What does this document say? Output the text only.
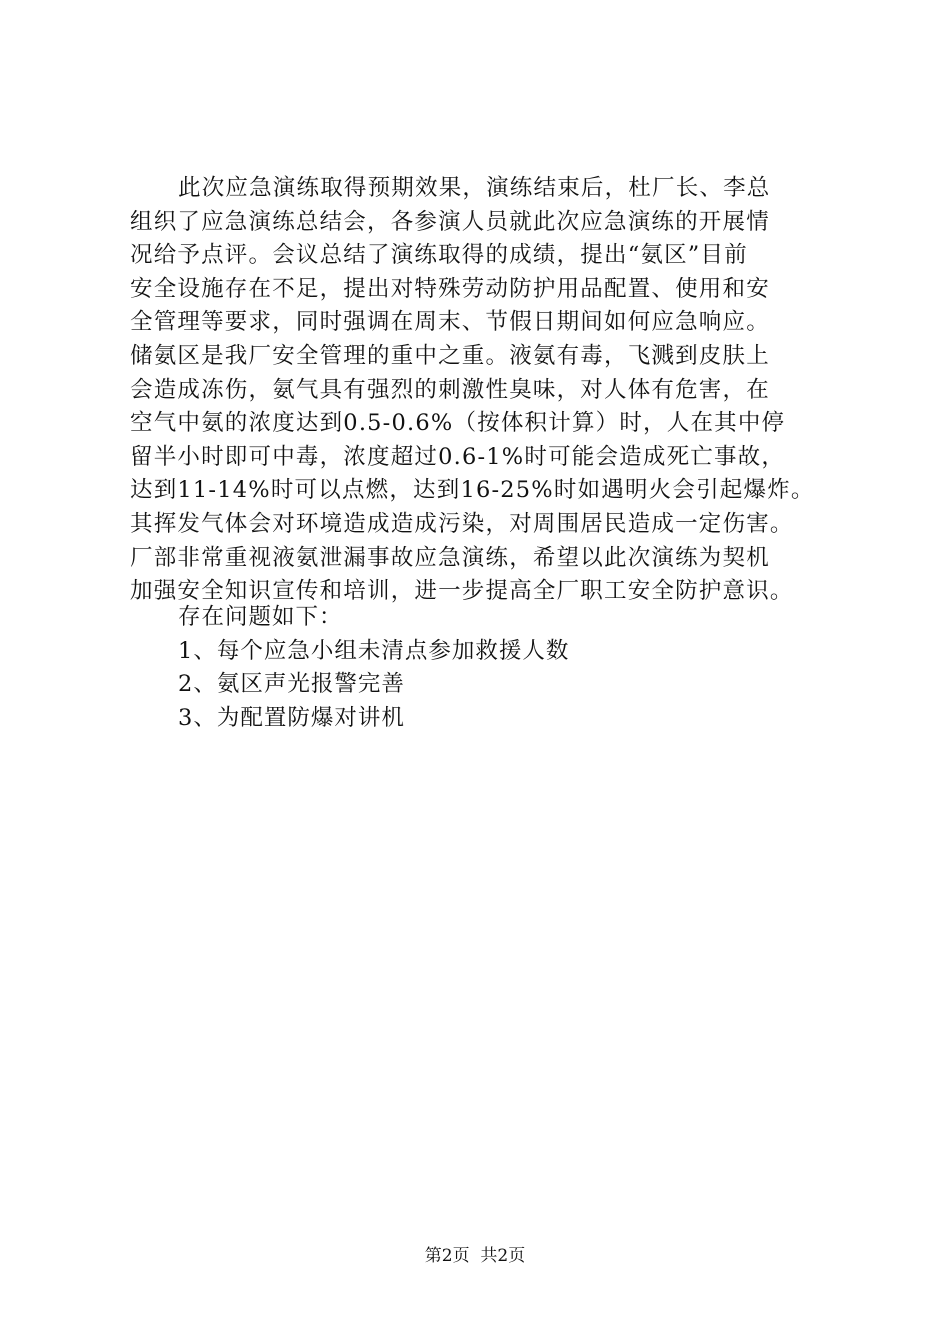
此次应急演练取得预期效果，演练结束后，杜厂长、李总
组织了应急演练总结会，各参演人员就此次应急演练的开展情
况给予点评。会议总结了演练取得的成绩，提出“氨区”目前
安全设施存在不足，提出对特殊劳动防护用品配置、使用和安
全管理等要求，同时强调在周末、节假日期间如何应急响应。
储氨区是我厂安全管理的重中之重。液氨有毒，飞溅到皮肤上
会造成冻伤，氨气具有强烈的刺激性臭味，对人体有危害，在
空气中氨的浓度达到0.5-0.6%（按体积计算）时，人在其中停
留半小时即可中毒，浓度超过0.6-1%时可能会造成死亡事故，
达到11-14%时可以点燃，达到16-25%时如遇明火会引起爆炸。
其挥发气体会对环境造成造成污染，对周围居民造成一定伤害。
厂部非常重视液氨泄漏事故应急演练，希望以此次演练为契机
加强安全知识宣传和培训，进一步提高全厂职工安全防护意识。
存在问题如下：
1、每个应急小组未清点参加救援人数
2、氨区声光报警完善
3、为配置防爆对讲机
第2页  共2页
